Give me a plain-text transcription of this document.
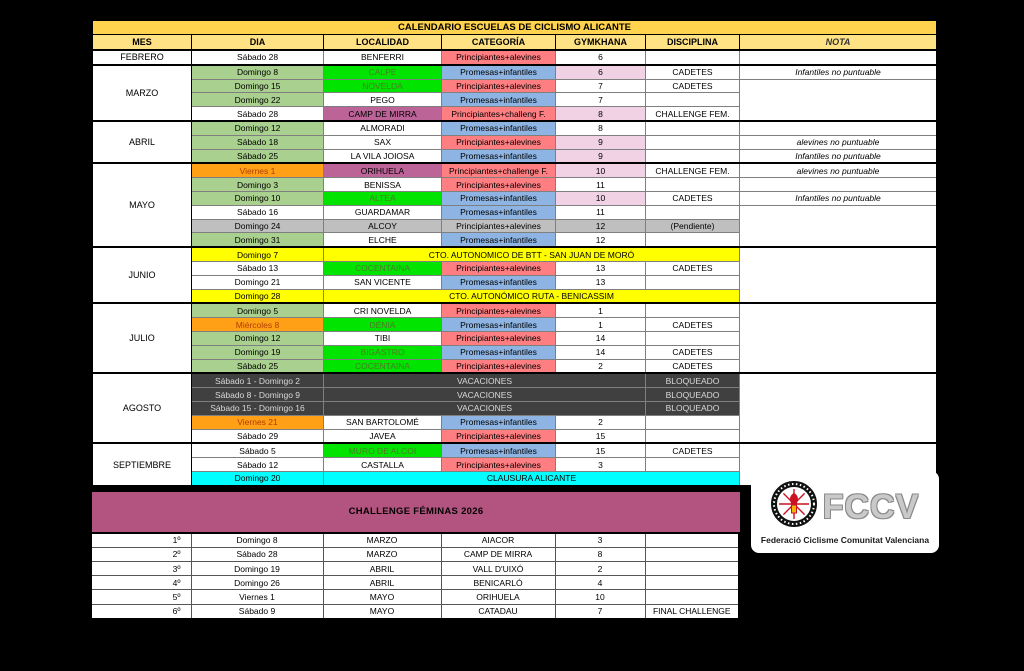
CALENDARIO ESCUELAS DE CICLISMO ALICANTE						
MES	DIA	LOCALIDAD	CATEGORÍA	GYMKHANA	DISCIPLINA	NOTA
FEBRERO	Sábado 28	BENFERRI	Principiantes+alevines	6		
MARZO	Domingo 8	CALPE	Promesas+infantiles	6	CADETES	Infantiles no puntuable
	Domingo 15	NOVELDA	Principiantes+alevines	7	CADETES	
	Domingo 22	PEGO	Promesas+infantiles	7		
	Sábado 28	CAMP DE MIRRA	Principiantes+challeng F.	8	CHALLENGE FEM.	
ABRIL	Domingo 12	ALMORADI	Promesas+infantiles	8		
	Sábado 18	SAX	Principiantes+alevines	9		alevines no puntuable
	Sábado 25	LA VILA JOIOSA	Promesas+infantiles	9		Infantiles no puntuable
MAYO	Viernes 1	ORIHUELA	Principiantes+challenge F.	10	CHALLENGE FEM.	alevines no puntuable
	Domingo 3	BENISSA	Principiantes+alevines	11		
	Domingo 10	ALTEA	Promesas+infantiles	10	CADETES	Infantiles no puntuable
	Sábado 16	GUARDAMAR	Promesas+infantiles	11		
	Domingo 24	ALCOY	Principiantes+alevines	12	(Pendiente)	
	Domingo 31	ELCHE	Promesas+infantiles	12		
JUNIO	Domingo 7	CTO. AUTONOMICO DE BTT - SAN JUAN DE MORÓ				
	Sábado 13	COCENTAINA	Principiantes+alevines	13	CADETES	
	Domingo 21	SAN VICENTE	Promesas+infantiles	13		
	Domingo 28	CTO. AUTONÓMICO RUTA - BENICASSIM				
JULIO	Domingo 5	CRI NOVELDA	Principiantes+alevines	1		
	Miércoles 8	DÉNIA	Promesas+infantiles	1	CADETES	
	Domingo 12	TIBI	Principiantes+alevines	14		
	Domingo 19	BIGASTRO	Promesas+infantiles	14	CADETES	
	Sábado 25	COCENTAINA	Principiantes+alevines	2	CADETES	
AGOSTO	Sábado 1 - Domingo 2	VACACIONES			BLOQUEADO	
	Sábado 8 - Domingo 9	VACACIONES			BLOQUEADO	
	Sábado 15 - Domingo 16	VACACIONES			BLOQUEADO	
	Viernes 21	SAN BARTOLOMÉ	Promesas+infantiles	2		
	Sábado 29	JAVEA	Principiantes+alevines	15		
SEPTIEMBRE	Sábado 5	MURO DE ALCOI	Promesas+infantiles	15	CADETES	
	Sábado 12	CASTALLA	Principiantes+alevines	3		
	Domingo 20	CLAUSURA ALICANTE				
CHALLENGE FÉMINAS 2026
1º	Domingo 8	MARZO	AIACOR	3	
2º	Sábado 28	MARZO	CAMP DE MIRRA	8	
3º	Domingo 19	ABRIL	VALL D'UIXÓ	2	
4º	Domingo 26	ABRIL	BENICARLÓ	4	
5º	Viernes 1	MAYO	ORIHUELA	10	
6º	Sábado 9	MAYO	CATADAU	7	FINAL CHALLENGE
FCCV
Federació Ciclisme Comunitat Valenciana
